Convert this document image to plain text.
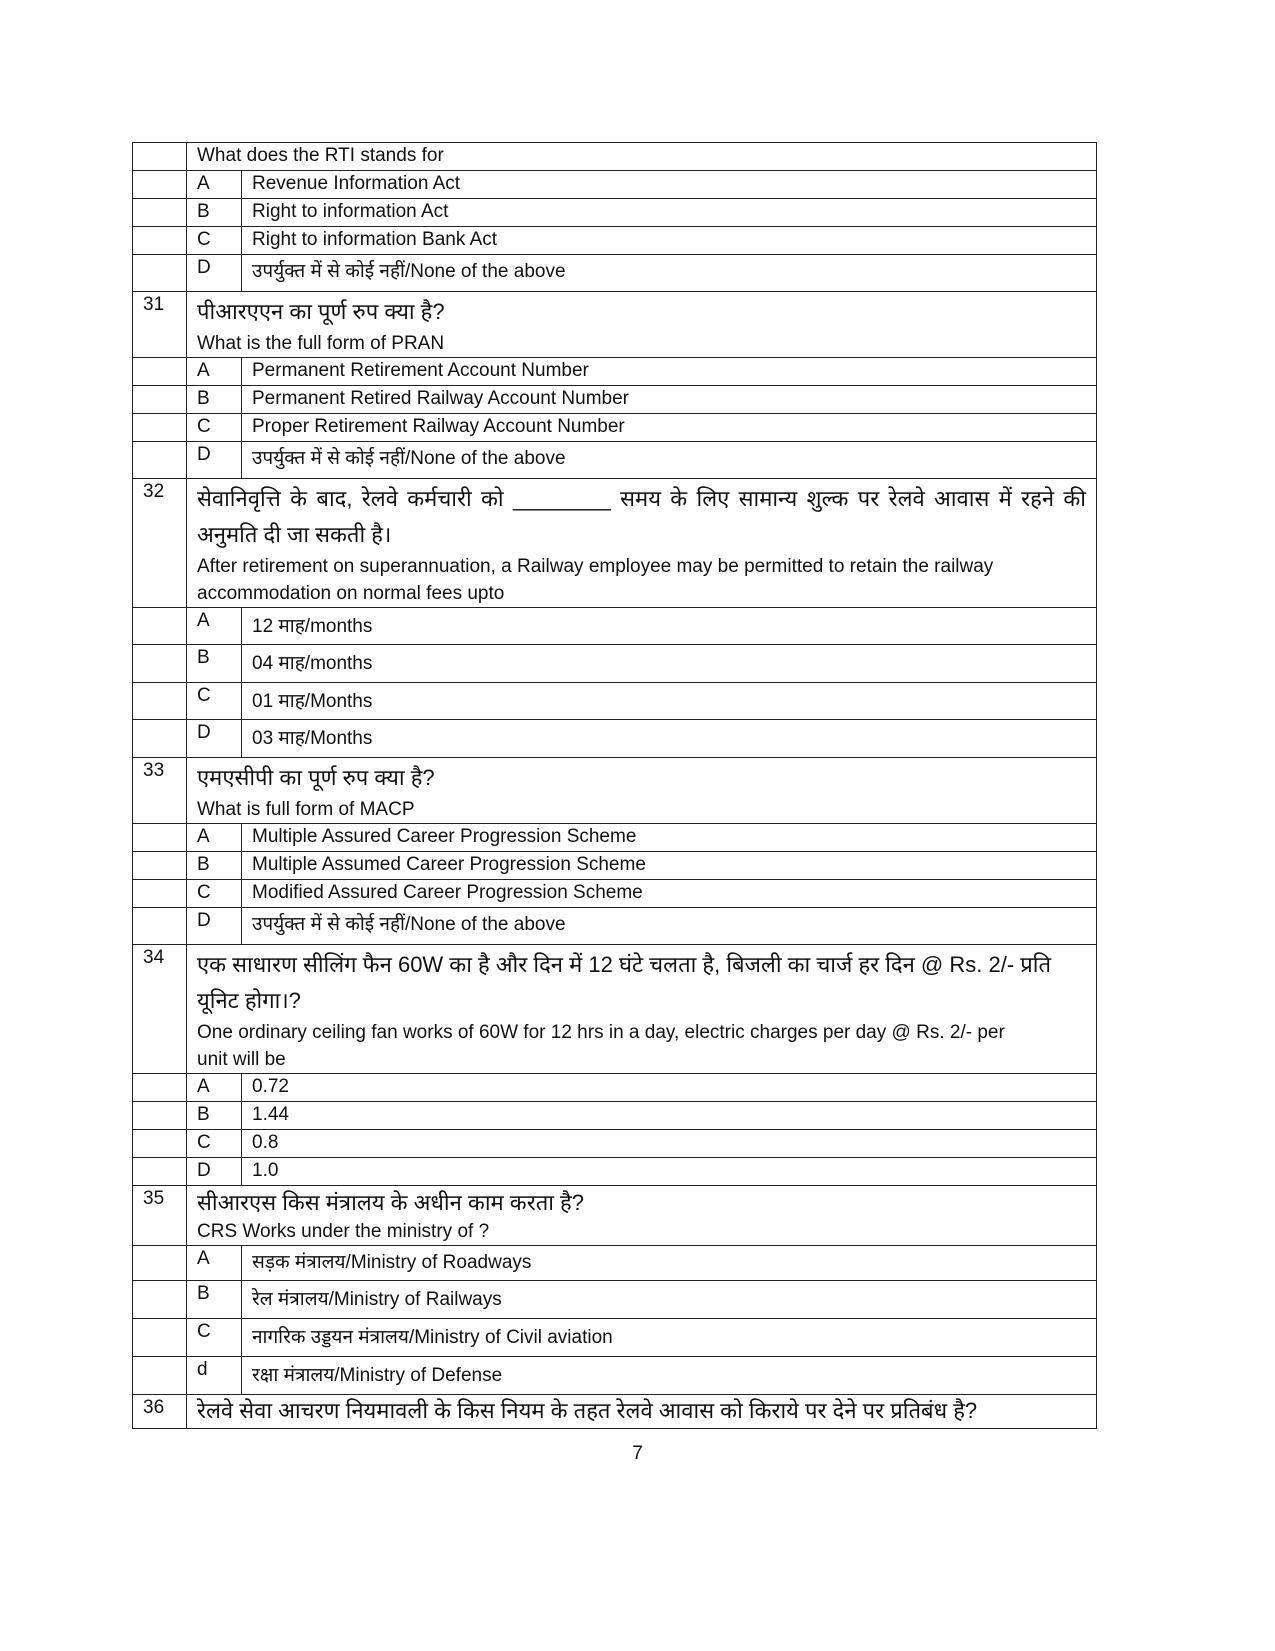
	What does the RTI stands for	
	A	Revenue Information Act
	B	Right to information Act
	C	Right to information Bank Act
	D	उपर्युक्त में से कोई नहीं/None of the above
31	पीआरएएन का पूर्ण रुप क्या है?
What is the full form of PRAN	

	A	Permanent Retirement Account Number
	B	Permanent Retired Railway Account Number
	C	Proper Retirement Railway Account Number
	D	उपर्युक्त में से कोई नहीं/None of the above
32	सेवानिवृत्ति के बाद, रेलवे कर्मचारी को ________ समय के लिए सामान्य शुल्क पर रेलवे आवास में रहने की अनुमति दी जा सकती है।
After retirement on superannuation, a Railway employee may be permitted to retain the railway accommodation on normal fees upto	

	A	12 माह/months
	B	04 माह/months
	C	01 माह/Months
	D	03 माह/Months
33	एमएसीपी का पूर्ण रुप क्या है?
What is full form of MACP	

	A	Multiple Assured Career Progression Scheme
	B	Multiple Assumed Career Progression Scheme
	C	Modified Assured Career Progression Scheme
	D	उपर्युक्त में से कोई नहीं/None of the above
34	एक साधारण सीलिंग फैन 60W का है और दिन में 12 घंटे चलता है, बिजली का चार्ज हर दिन @ Rs. 2/- प्रति यूनिट होगा।?
One ordinary ceiling fan works of 60W for 12 hrs in a day, electric charges per day @ Rs. 2/- per unit will be	

	A	0.72
	B	1.44
	C	0.8
	D	1.0
35	सीआरएस किस मंत्रालय के अधीन काम करता है?
CRS Works under the ministry of ?	

	A	सड़क मंत्रालय/Ministry of Roadways
	B	रेल मंत्रालय/Ministry of Railways
	C	नागरिक उड्डयन मंत्रालय/Ministry of Civil aviation
	d	रक्षा मंत्रालय/Ministry of Defense
36	रेलवे सेवा आचरण नियमावली के किस नियम के तहत रेलवे आवास को किराये पर देने पर प्रतिबंध है?	
7
